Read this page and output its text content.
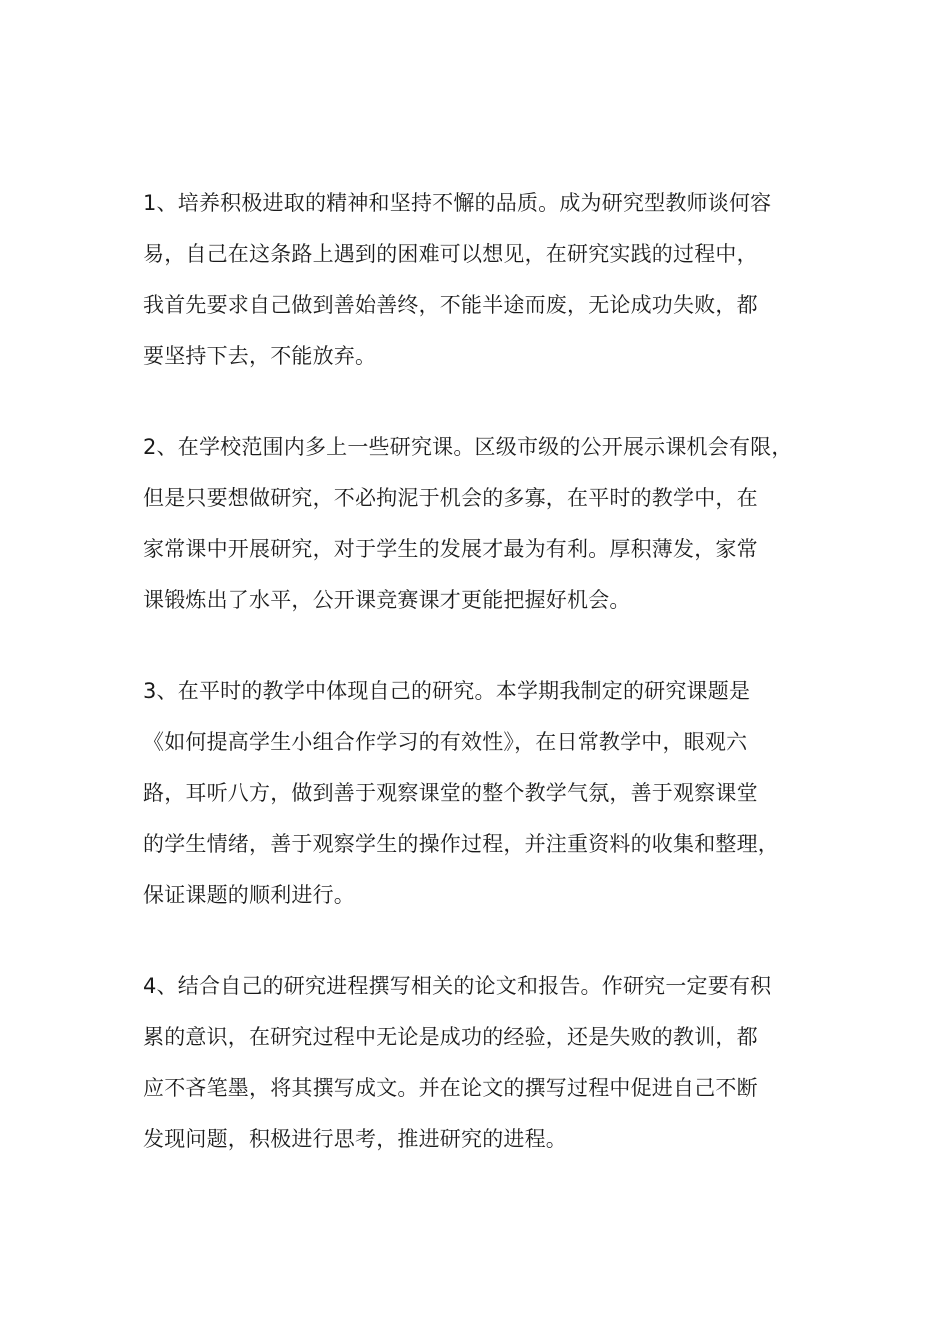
1、培养积极进取的精神和坚持不懈的品质。成为研究型教师谈何容
易，自己在这条路上遇到的困难可以想见，在研究实践的过程中，
我首先要求自己做到善始善终，不能半途而废，无论成功失败，都
要坚持下去，不能放弃。

2、在学校范围内多上一些研究课。区级市级的公开展示课机会有限，
但是只要想做研究，不必拘泥于机会的多寡，在平时的教学中，在
家常课中开展研究，对于学生的发展才最为有利。厚积薄发，家常
课锻炼出了水平，公开课竞赛课才更能把握好机会。

3、在平时的教学中体现自己的研究。本学期我制定的研究课题是
《如何提高学生小组合作学习的有效性》，在日常教学中，眼观六
路，耳听八方，做到善于观察课堂的整个教学气氛，善于观察课堂
的学生情绪，善于观察学生的操作过程，并注重资料的收集和整理，
保证课题的顺利进行。

4、结合自己的研究进程撰写相关的论文和报告。作研究一定要有积
累的意识，在研究过程中无论是成功的经验，还是失败的教训，都
应不吝笔墨，将其撰写成文。并在论文的撰写过程中促进自己不断
发现问题，积极进行思考，推进研究的进程。
